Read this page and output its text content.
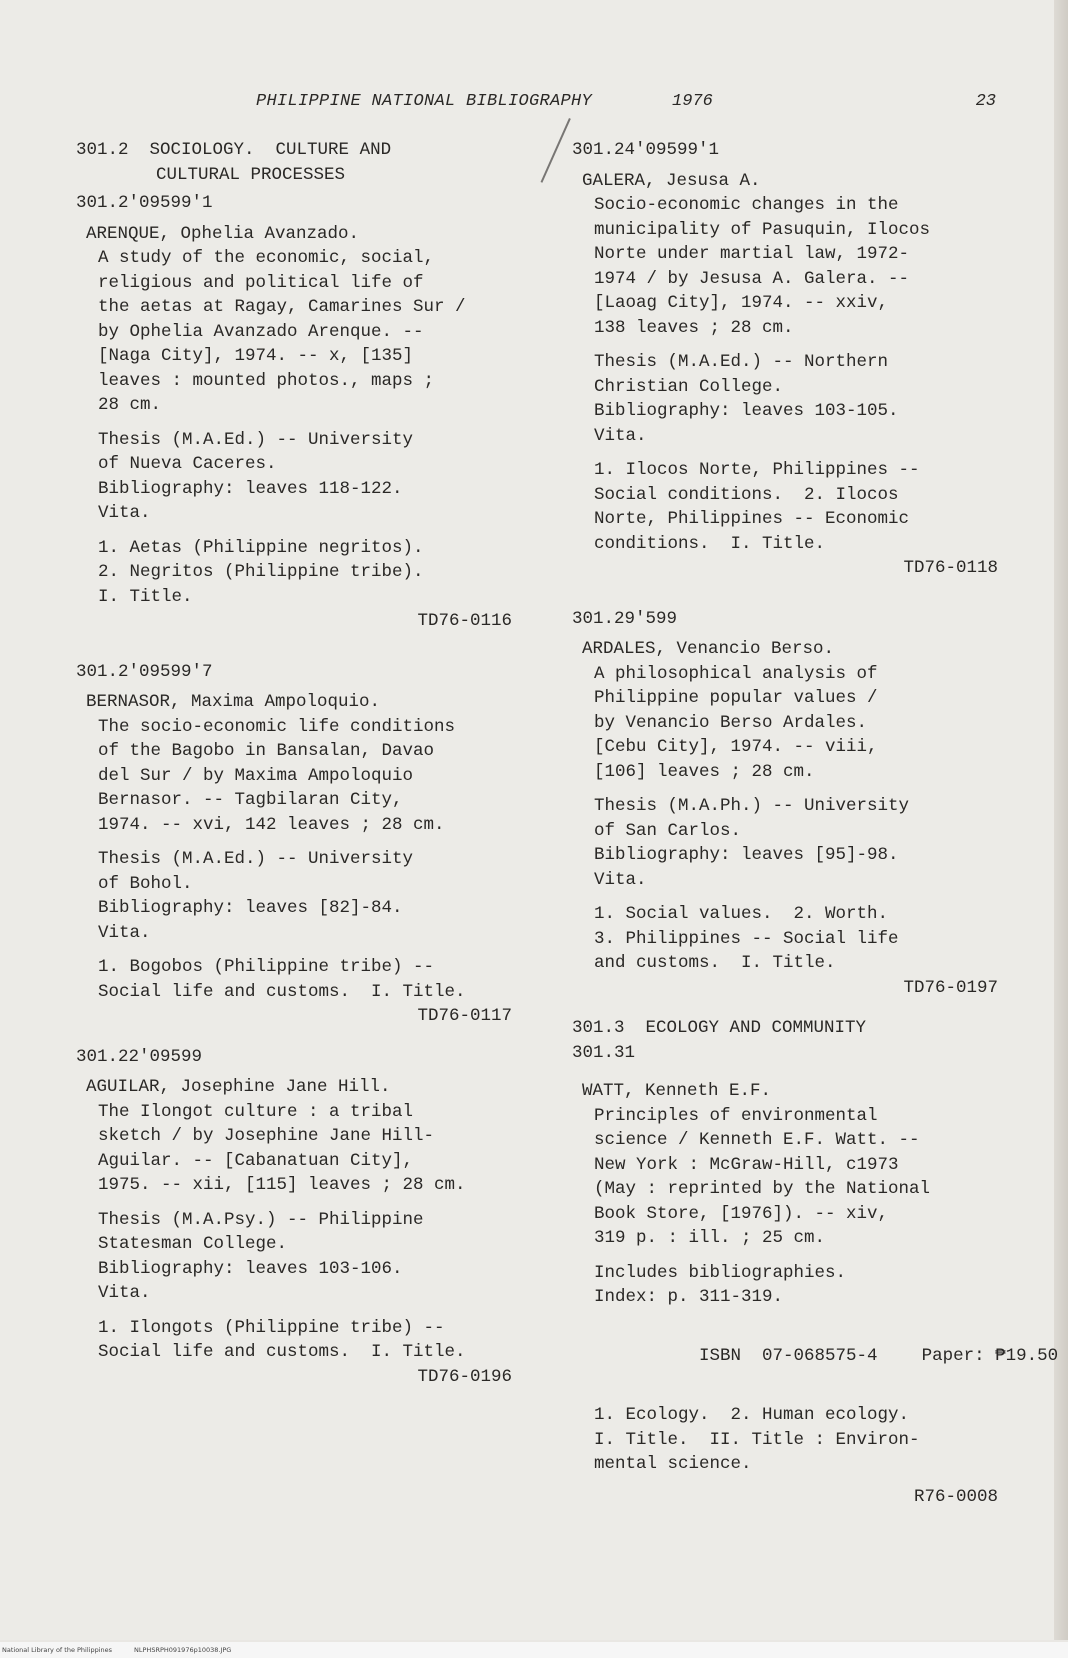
PHILIPPINE NATIONAL BIBLIOGRAPHY	1976	23
301.2 SOCIOLOGY.  CULTURE AND
CULTURAL PROCESSES
301.2'09599'1
ARENQUE, Ophelia Avanzado.
A study of the economic, social,
religious and political life of
the aetas at Ragay, Camarines Sur /
by Ophelia Avanzado Arenque. --
[Naga City], 1974. -- x, [135]
leaves : mounted photos., maps ;
28 cm.
Thesis (M.A.Ed.) -- University
of Nueva Caceres.
Bibliography: leaves 118-122.
Vita.
1. Aetas (Philippine negritos).
2. Negritos (Philippine tribe).
I. Title.
TD76-0116
301.2'09599'7
BERNASOR, Maxima Ampoloquio.
The socio-economic life conditions
of the Bagobo in Bansalan, Davao
del Sur / by Maxima Ampoloquio
Bernasor. -- Tagbilaran City,
1974. -- xvi, 142 leaves ; 28 cm.
Thesis (M.A.Ed.) -- University
of Bohol.
Bibliography: leaves [82]-84.
Vita.
1. Bogobos (Philippine tribe) --
Social life and customs.  I. Title.
TD76-0117
301.22'09599
AGUILAR, Josephine Jane Hill.
The Ilongot culture : a tribal
sketch / by Josephine Jane Hill-
Aguilar. -- [Cabanatuan City],
1975. -- xii, [115] leaves ; 28 cm.
Thesis (M.A.Psy.) -- Philippine
Statesman College.
Bibliography: leaves 103-106.
Vita.
1. Ilongots (Philippine tribe) --
Social life and customs.  I. Title.
TD76-0196
301.24'09599'1
GALERA, Jesusa A.
Socio-economic changes in the
municipality of Pasuquin, Ilocos
Norte under martial law, 1972-
1974 / by Jesusa A. Galera. --
[Laoag City], 1974. -- xxiv,
138 leaves ; 28 cm.
Thesis (M.A.Ed.) -- Northern
Christian College.
Bibliography: leaves 103-105.
Vita.
1. Ilocos Norte, Philippines --
Social conditions.  2. Ilocos
Norte, Philippines -- Economic
conditions.  I. Title.
TD76-0118
301.29'599
ARDALES, Venancio Berso.
A philosophical analysis of
Philippine popular values /
by Venancio Berso Ardales.
[Cebu City], 1974. -- viii,
[106] leaves ; 28 cm.
Thesis (M.A.Ph.) -- University
of San Carlos.
Bibliography: leaves [95]-98.
Vita.
1. Social values.  2. Worth.
3. Philippines -- Social life
and customs.  I. Title.
TD76-0197
301.3  ECOLOGY AND COMMUNITY
301.31
WATT, Kenneth E.F.
Principles of environmental
science / Kenneth E.F. Watt. --
New York : McGraw-Hill, c1973
(May : reprinted by the National
Book Store, [1976]). -- xiv,
319 p. : ill. ; 25 cm.
Includes bibliographies.
Index: p. 311-319.

ISBN  07-068575-4	Paper: ₱19.50

1. Ecology.  2. Human ecology.
I. Title.  II. Title : Environ-
mental science.
R76-0008
National Library of the Philippines	NLPHSRPH091976p10038.JPG
